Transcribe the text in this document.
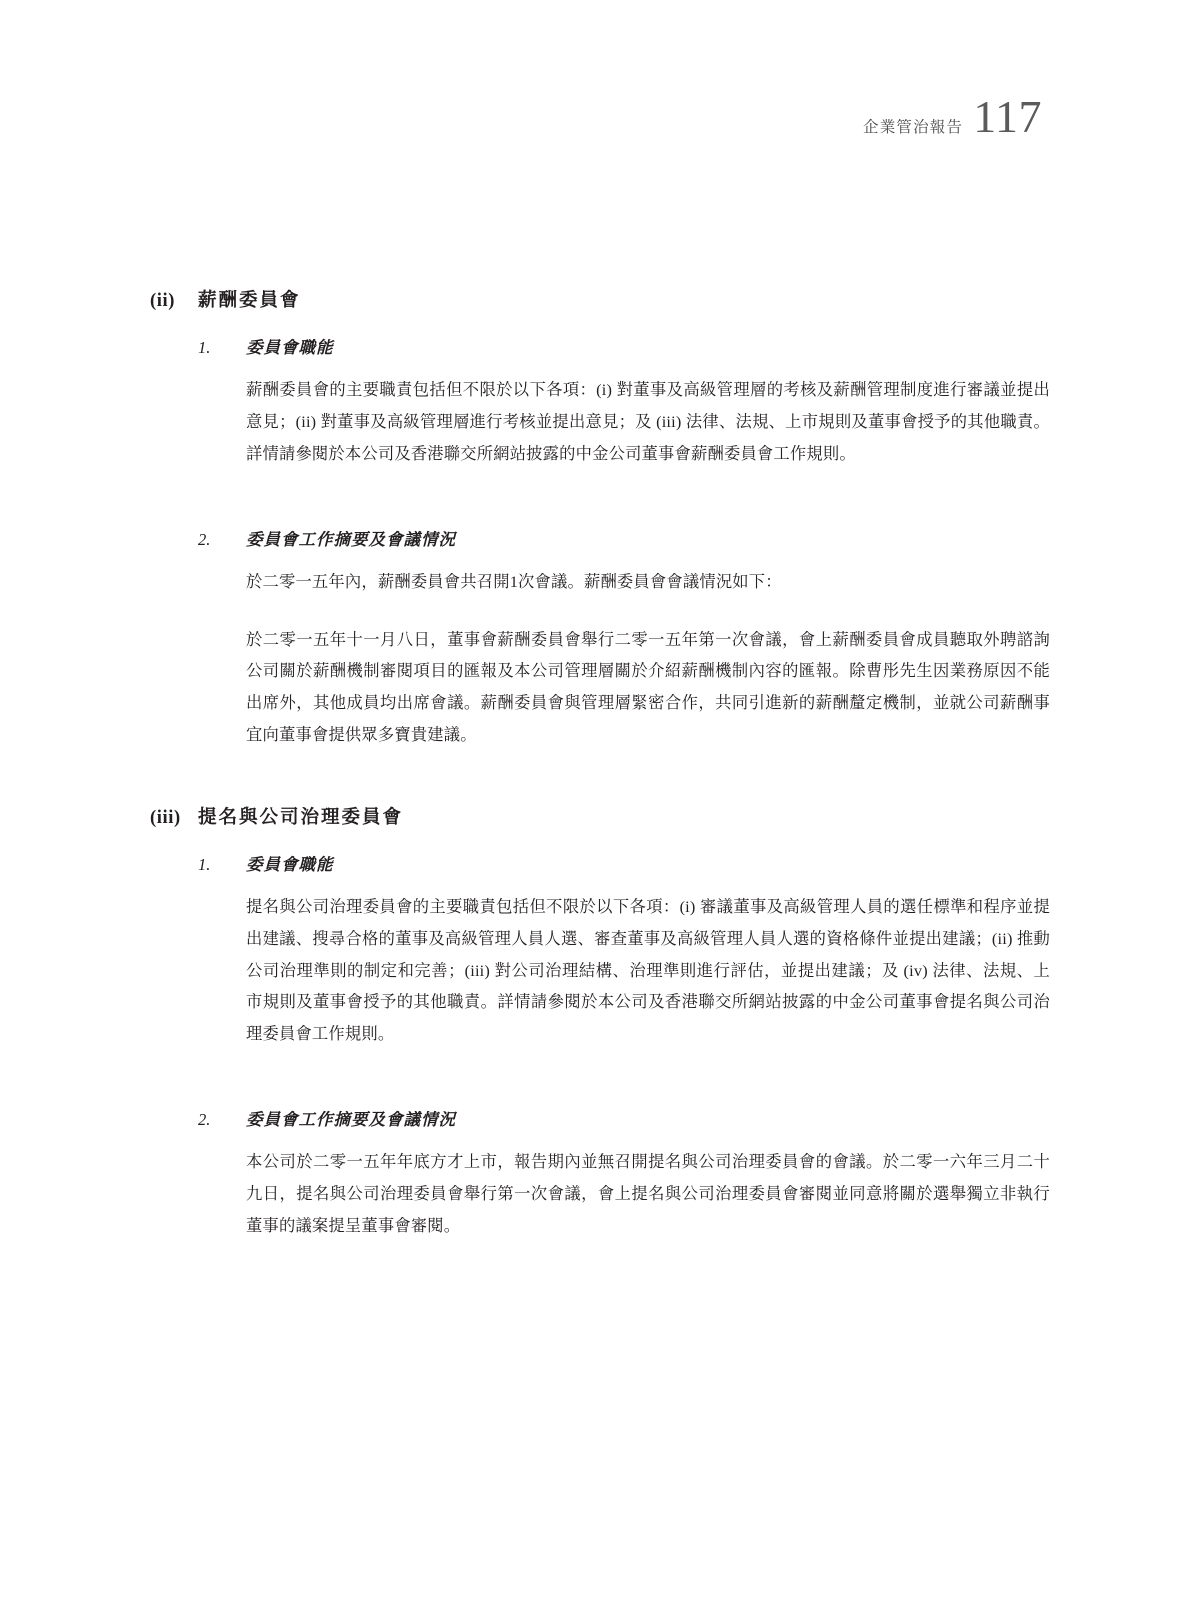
企業管治報告 117
(ii)	薪酬委員會
1.	委員會職能

薪酬委員會的主要職責包括但不限於以下各項：(i) 對董事及高級管理層的考核及薪酬管理制度進行審議並提出意見；(ii) 對董事及高級管理層進行考核並提出意見；及 (iii) 法律、法規、上市規則及董事會授予的其他職責。詳情請參閱於本公司及香港聯交所網站披露的中金公司董事會薪酬委員會工作規則。

2.	委員會工作摘要及會議情況

於二零一五年內，薪酬委員會共召開1次會議。薪酬委員會會議情況如下：

於二零一五年十一月八日，董事會薪酬委員會舉行二零一五年第一次會議，會上薪酬委員會成員聽取外聘諮詢公司關於薪酬機制審閱項目的匯報及本公司管理層關於介紹薪酬機制內容的匯報。除曹彤先生因業務原因不能出席外，其他成員均出席會議。薪酬委員會與管理層緊密合作，共同引進新的薪酬釐定機制，並就公司薪酬事宜向董事會提供眾多寶貴建議。

(iii) 提名與公司治理委員會
1.	委員會職能

提名與公司治理委員會的主要職責包括但不限於以下各項：(i) 審議董事及高級管理人員的選任標準和程序並提出建議、搜尋合格的董事及高級管理人員人選、審查董事及高級管理人員人選的資格條件並提出建議；(ii) 推動公司治理準則的制定和完善；(iii) 對公司治理結構、治理準則進行評估，並提出建議；及 (iv) 法律、法規、上市規則及董事會授予的其他職責。詳情請參閱於本公司及香港聯交所網站披露的中金公司董事會提名與公司治理委員會工作規則。

2.	委員會工作摘要及會議情況

本公司於二零一五年年底方才上市，報告期內並無召開提名與公司治理委員會的會議。於二零一六年三月二十九日，提名與公司治理委員會舉行第一次會議，會上提名與公司治理委員會審閱並同意將關於選舉獨立非執行董事的議案提呈董事會審閱。
